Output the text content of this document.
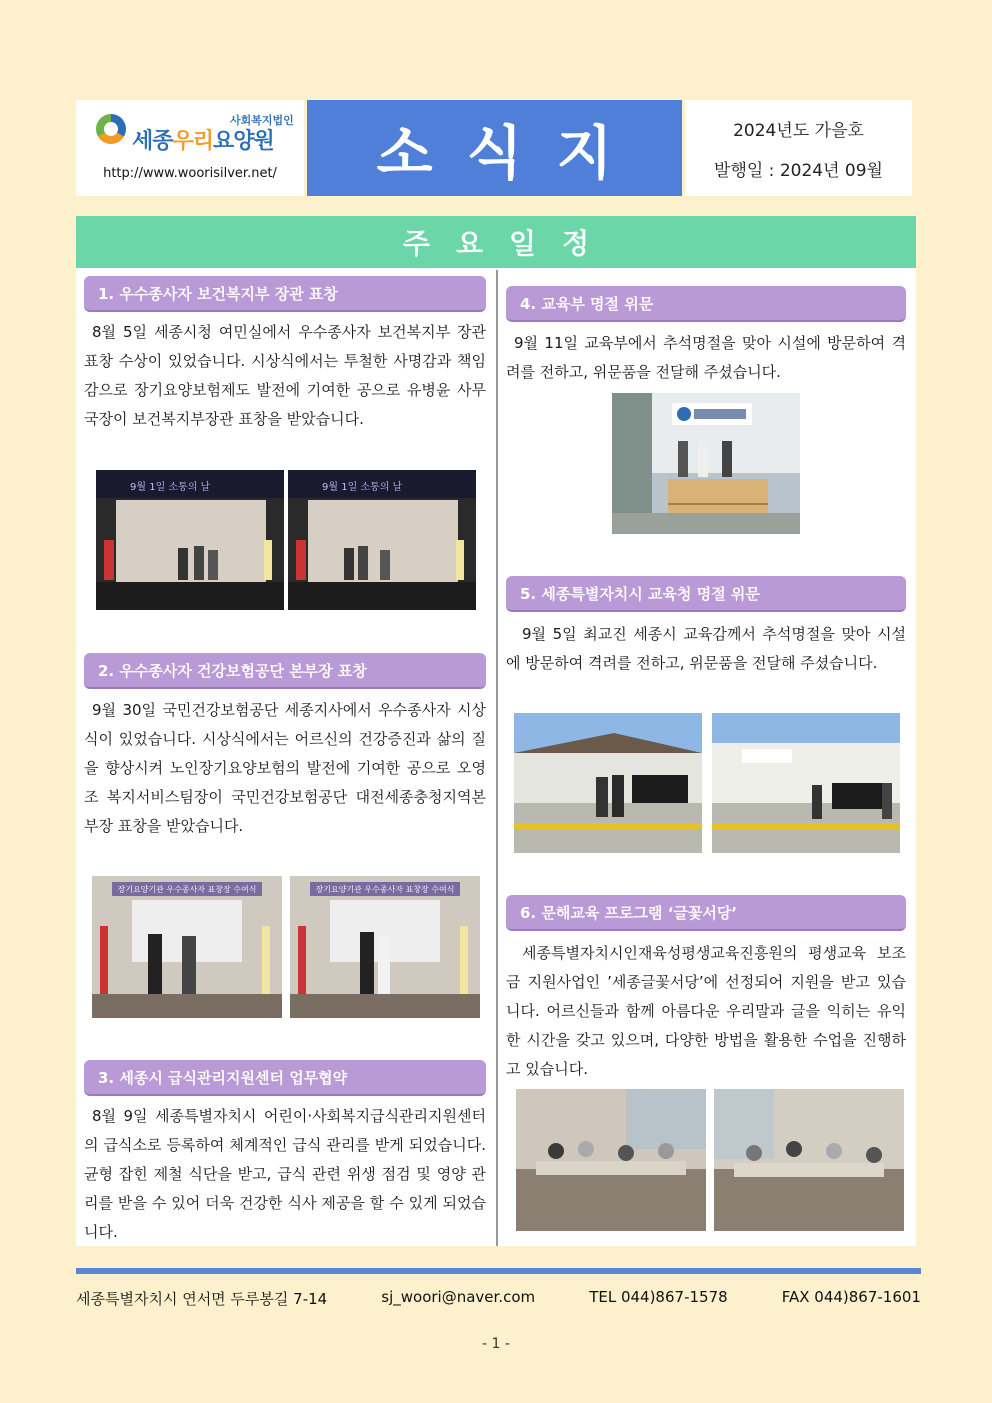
사회복지법인
세종우리요양원
http://www.woorisilver.net/	소식지	2024년도 가을호
발행일 : 2024년 09월
주요일정
1. 우수종사자 보건복지부 장관 표창
8월 5일 세종시청 여민실에서 우수종사자 보건복지부 장관 표창 수상이 있었습니다. 시상식에서는 투철한 사명감과 책임감으로 장기요양보험제도 발전에 기여한 공으로 유병윤 사무국장이 보건복지부장관 표창을 받았습니다.
9월 1일 소통의 날	9월 1일 소통의 날
2. 우수종사자 건강보험공단 본부장 표창
9월 30일 국민건강보험공단 세종지사에서 우수종사자 시상식이 있었습니다. 시상식에서는 어르신의 건강증진과 삶의 질을 향상시켜 노인장기요양보험의 발전에 기여한 공으로 오영조 복지서비스팀장이 국민건강보험공단 대전세종충청지역본부장 표창을 받았습니다.
장기요양기관 우수종사자 표창장 수여식	장기요양기관 우수종사자 표창장 수여식
3. 세종시 급식관리지원센터 업무협약
8월 9일 세종특별자치시 어린이·사회복지급식관리지원센터의 급식소로 등록하여 체계적인 급식 관리를 받게 되었습니다. 균형 잡힌 제철 식단을 받고, 급식 관련 위생 점검 및 영양 관리를 받을 수 있어 더욱 건강한 식사 제공을 할 수 있게 되었습니다.
4. 교육부 명절 위문
9월 11일 교육부에서 추석명절을 맞아 시설에 방문하여 격려를 전하고, 위문품을 전달해 주셨습니다.
5. 세종특별자치시 교육청 명절 위문
9월 5일 최교진 세종시 교육감께서 추석명절을 맞아 시설에 방문하여 격려를 전하고, 위문품을 전달해 주셨습니다.
6. 문해교육 프로그램 ‘글꽃서당’
세종특별자치시인재육성평생교육진흥원의 평생교육 보조금 지원사업인 ’세종글꽃서당’에 선정되어 지원을 받고 있습니다. 어르신들과 함께 아름다운 우리말과 글을 익히는 유익한 시간을 갖고 있으며, 다양한 방법을 활용한 수업을 진행하고 있습니다.
세종특별자치시 연서면 두루봉길 7-14	sj_woori@naver.com	TEL 044)867-1578	FAX 044)867-1601
- 1 -
